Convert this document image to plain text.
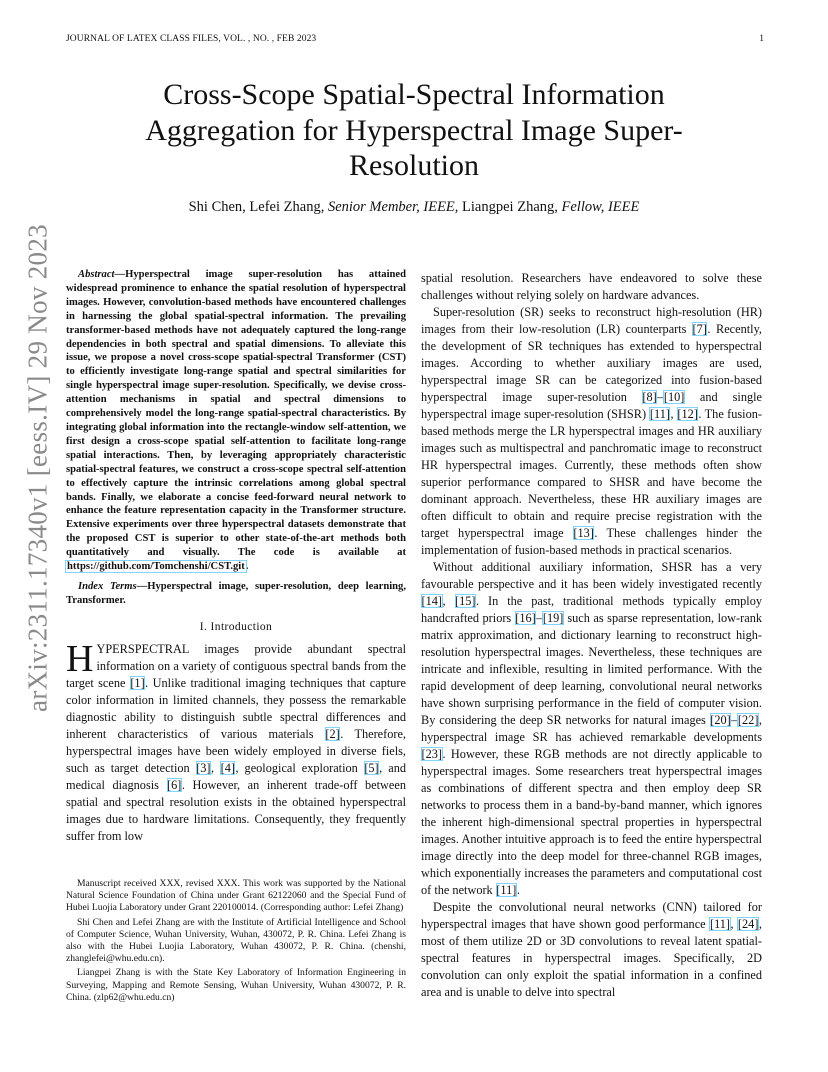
JOURNAL OF LATEX CLASS FILES, VOL. , NO. , FEB 2023	1
arXiv:2311.17340v1 [eess.IV] 29 Nov 2023
Cross-Scope Spatial-Spectral Information Aggregation for Hyperspectral Image Super-Resolution
Shi Chen, Lefei Zhang, Senior Member, IEEE, Liangpei Zhang, Fellow, IEEE

Abstract—Hyperspectral image super-resolution has attained widespread prominence to enhance the spatial resolution of hyperspectral images. However, convolution-based methods have encountered challenges in harnessing the global spatial-spectral information. The prevailing transformer-based methods have not adequately captured the long-range dependencies in both spectral and spatial dimensions. To alleviate this issue, we propose a novel cross-scope spatial-spectral Transformer (CST) to efficiently investigate long-range spatial and spectral similarities for single hyperspectral image super-resolution. Specifically, we devise cross-attention mechanisms in spatial and spectral dimensions to comprehensively model the long-range spatial-spectral characteristics. By integrating global information into the rectangle-window self-attention, we first design a cross-scope spatial self-attention to facilitate long-range spatial interactions. Then, by leveraging appropriately characteristic spatial-spectral features, we construct a cross-scope spectral self-attention to effectively capture the intrinsic correlations among global spectral bands. Finally, we elaborate a concise feed-forward neural network to enhance the feature representation capacity in the Transformer structure. Extensive experiments over three hyperspectral datasets demonstrate that the proposed CST is superior to other state-of-the-art methods both quantitatively and visually. The code is available at https://github.com/Tomchenshi/CST.git.

Index Terms—Hyperspectral image, super-resolution, deep learning, Transformer.

I. Introduction

HYPERSPECTRAL images provide abundant spectral information on a variety of contiguous spectral bands from the target scene [1]. Unlike traditional imaging techniques that capture color information in limited channels, they possess the remarkable diagnostic ability to distinguish subtle spectral differences and inherent characteristics of various materials [2]. Therefore, hyperspectral images have been widely employed in diverse fiels, such as target detection [3], [4], geological exploration [5], and medical diagnosis [6]. However, an inherent trade-off between spatial and spectral resolution exists in the obtained hyperspectral images due to hardware limitations. Consequently, they frequently suffer from low

Manuscript received XXX, revised XXX. This work was supported by the National Natural Science Foundation of China under Grant 62122060 and the Special Fund of Hubei Luojia Laboratory under Grant 220100014. (Corresponding author: Lefei Zhang)

Shi Chen and Lefei Zhang are with the Institute of Artificial Intelligence and School of Computer Science, Wuhan University, Wuhan, 430072, P. R. China. Lefei Zhang is also with the Hubei Luojia Laboratory, Wuhan 430072, P. R. China. (chenshi, zhanglefei@whu.edu.cn).

Liangpei Zhang is with the State Key Laboratory of Information Engineering in Surveying, Mapping and Remote Sensing, Wuhan University, Wuhan 430072, P. R. China. (zlp62@whu.edu.cn)

spatial resolution. Researchers have endeavored to solve these challenges without relying solely on hardware advances.

Super-resolution (SR) seeks to reconstruct high-resolution (HR) images from their low-resolution (LR) counterparts [7]. Recently, the development of SR techniques has extended to hyperspectral images. According to whether auxiliary images are used, hyperspectral image SR can be categorized into fusion-based hyperspectral image super-resolution [8]–[10] and single hyperspectral image super-resolution (SHSR) [11], [12]. The fusion-based methods merge the LR hyperspectral images and HR auxiliary images such as multispectral and panchromatic image to reconstruct HR hyperspectral images. Currently, these methods often show superior performance compared to SHSR and have become the dominant approach. Nevertheless, these HR auxiliary images are often difficult to obtain and require precise registration with the target hyperspectral image [13]. These challenges hinder the implementation of fusion-based methods in practical scenarios.

Without additional auxiliary information, SHSR has a very favourable perspective and it has been widely investigated recently [14], [15]. In the past, traditional methods typically employ handcrafted priors [16]–[19] such as sparse representation, low-rank matrix approximation, and dictionary learning to reconstruct high-resolution hyperspectral images. Nevertheless, these techniques are intricate and inflexible, resulting in limited performance. With the rapid development of deep learning, convolutional neural networks have shown surprising performance in the field of computer vision. By considering the deep SR networks for natural images [20]–[22], hyperspectral image SR has achieved remarkable developments [23]. However, these RGB methods are not directly applicable to hyperspectral images. Some researchers treat hyperspectral images as combinations of different spectra and then employ deep SR networks to process them in a band-by-band manner, which ignores the inherent high-dimensional spectral properties in hyperspectral images. Another intuitive approach is to feed the entire hyperspectral image directly into the deep model for three-channel RGB images, which exponentially increases the parameters and computational cost of the network [11].

Despite the convolutional neural networks (CNN) tailored for hyperspectral images that have shown good performance [11], [24], most of them utilize 2D or 3D convolutions to reveal latent spatial-spectral features in hyperspectral images. Specifically, 2D convolution can only exploit the spatial information in a confined area and is unable to delve into spectral
